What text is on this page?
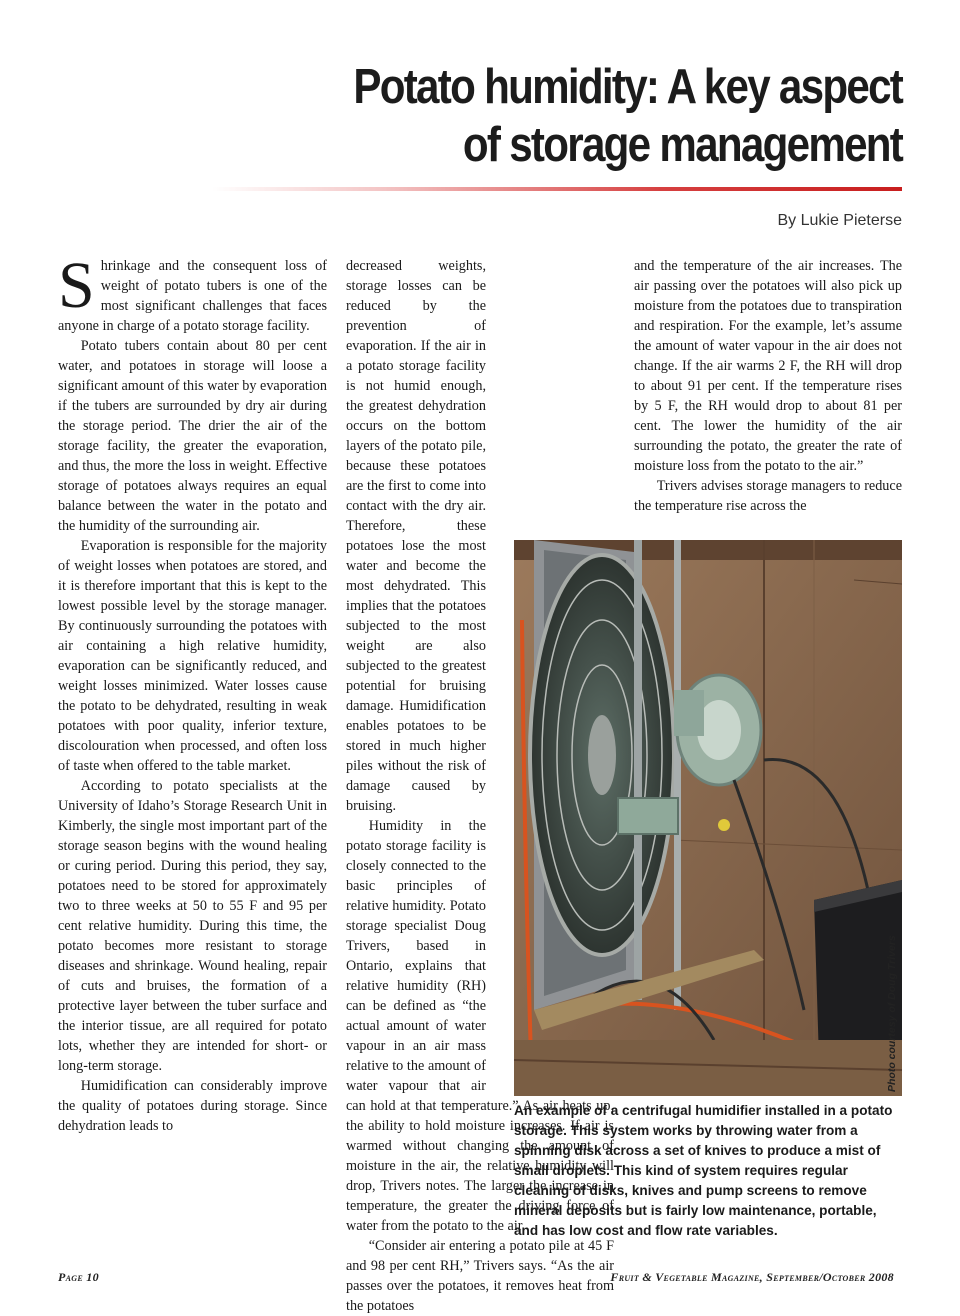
Potato humidity: A key aspect
of storage management
By Lukie Pieterse

Shrinkage and the consequent loss of weight of potato tubers is one of the most significant challenges that faces anyone in charge of a potato storage facility.

Potato tubers contain about 80 per cent water, and potatoes in storage will loose a significant amount of this water by evaporation if the tubers are surrounded by dry air during the storage period. The drier the air of the storage facility, the greater the evaporation, and thus, the more the loss in weight. Effective storage of potatoes always requires an equal balance between the water in the potato and the humidity of the surrounding air.

Evaporation is responsible for the majority of weight losses when potatoes are stored, and it is therefore important that this is kept to the lowest possible level by the storage manager. By continuously surrounding the potatoes with air containing a high relative humidity, evaporation can be significantly reduced, and weight losses minimized. Water losses cause the potato to be dehydrated, resulting in weak potatoes with poor quality, inferior texture, discolouration when processed, and often loss of taste when offered to the table market.

According to potato specialists at the University of Idaho’s Storage Research Unit in Kimberly, the single most important part of the storage season begins with the wound healing or curing period. During this period, they say, potatoes need to be stored for approximately two to three weeks at 50 to 55 F and 95 per cent relative humidity. During this time, the potato becomes more resistant to storage diseases and shrinkage. Wound healing, repair of cuts and bruises, the formation of a protective layer between the tuber surface and the interior tissue, are all required for potato lots, whether they are intended for short- or long-term storage.

Humidification can considerably improve the quality of potatoes during storage. Since dehydration leads to

decreased weights, storage losses can be reduced by the prevention of evaporation. If the air in a potato storage facility is not humid enough, the greatest dehydration occurs on the bottom layers of the potato pile, because these potatoes are the first to come into contact with the dry air. Therefore, these potatoes lose the most water and become the most dehydrated. This implies that the potatoes subjected to the most weight are also subjected to the greatest potential for bruising damage. Humidification enables potatoes to be stored in much higher piles without the risk of damage caused by bruising.

Humidity in the potato storage facility is closely connected to the basic principles of relative humidity. Potato storage specialist Doug Trivers, based in Ontario, explains that relative humidity (RH) can be defined as “the actual amount of water vapour in an air mass relative to the amount of water vapour that air can hold at that temperature.” As air heats up, the ability to hold moisture increases. If air is warmed without changing the amount of moisture in the air, the relative humidity will drop, Trivers notes. The larger the increase in temperature, the greater the driving force of water from the potato to the air.

“Consider air entering a potato pile at 45 F and 98 per cent RH,” Trivers says. “As the air passes over the potatoes, it removes heat from the potatoes

and the temperature of the air increases. The air passing over the potatoes will also pick up moisture from the potatoes due to transpiration and respiration. For the example, let’s assume the amount of water vapour in the air does not change. If the air warms 2 F, the RH will drop to about 91 per cent. If the temperature rises by 5 F, the RH would drop to about 81 per cent. The lower the humidity of the air surrounding the potato, the greater the rate of moisture loss from the potato to the air.”

Trivers advises storage managers to reduce the temperature rise across the

Photo courtesy of Doug Trivers
An example of a centrifugal humidifier installed in a potato storage. This system works by throwing water from a spinning disk across a set of knives to produce a mist of small droplets. This kind of system requires regular cleaning of disks, knives and pump screens to remove mineral deposits but is fairly low maintenance, portable, and has low cost and flow rate variables.
Page 10	Fruit & Vegetable Magazine, September/October 2008
